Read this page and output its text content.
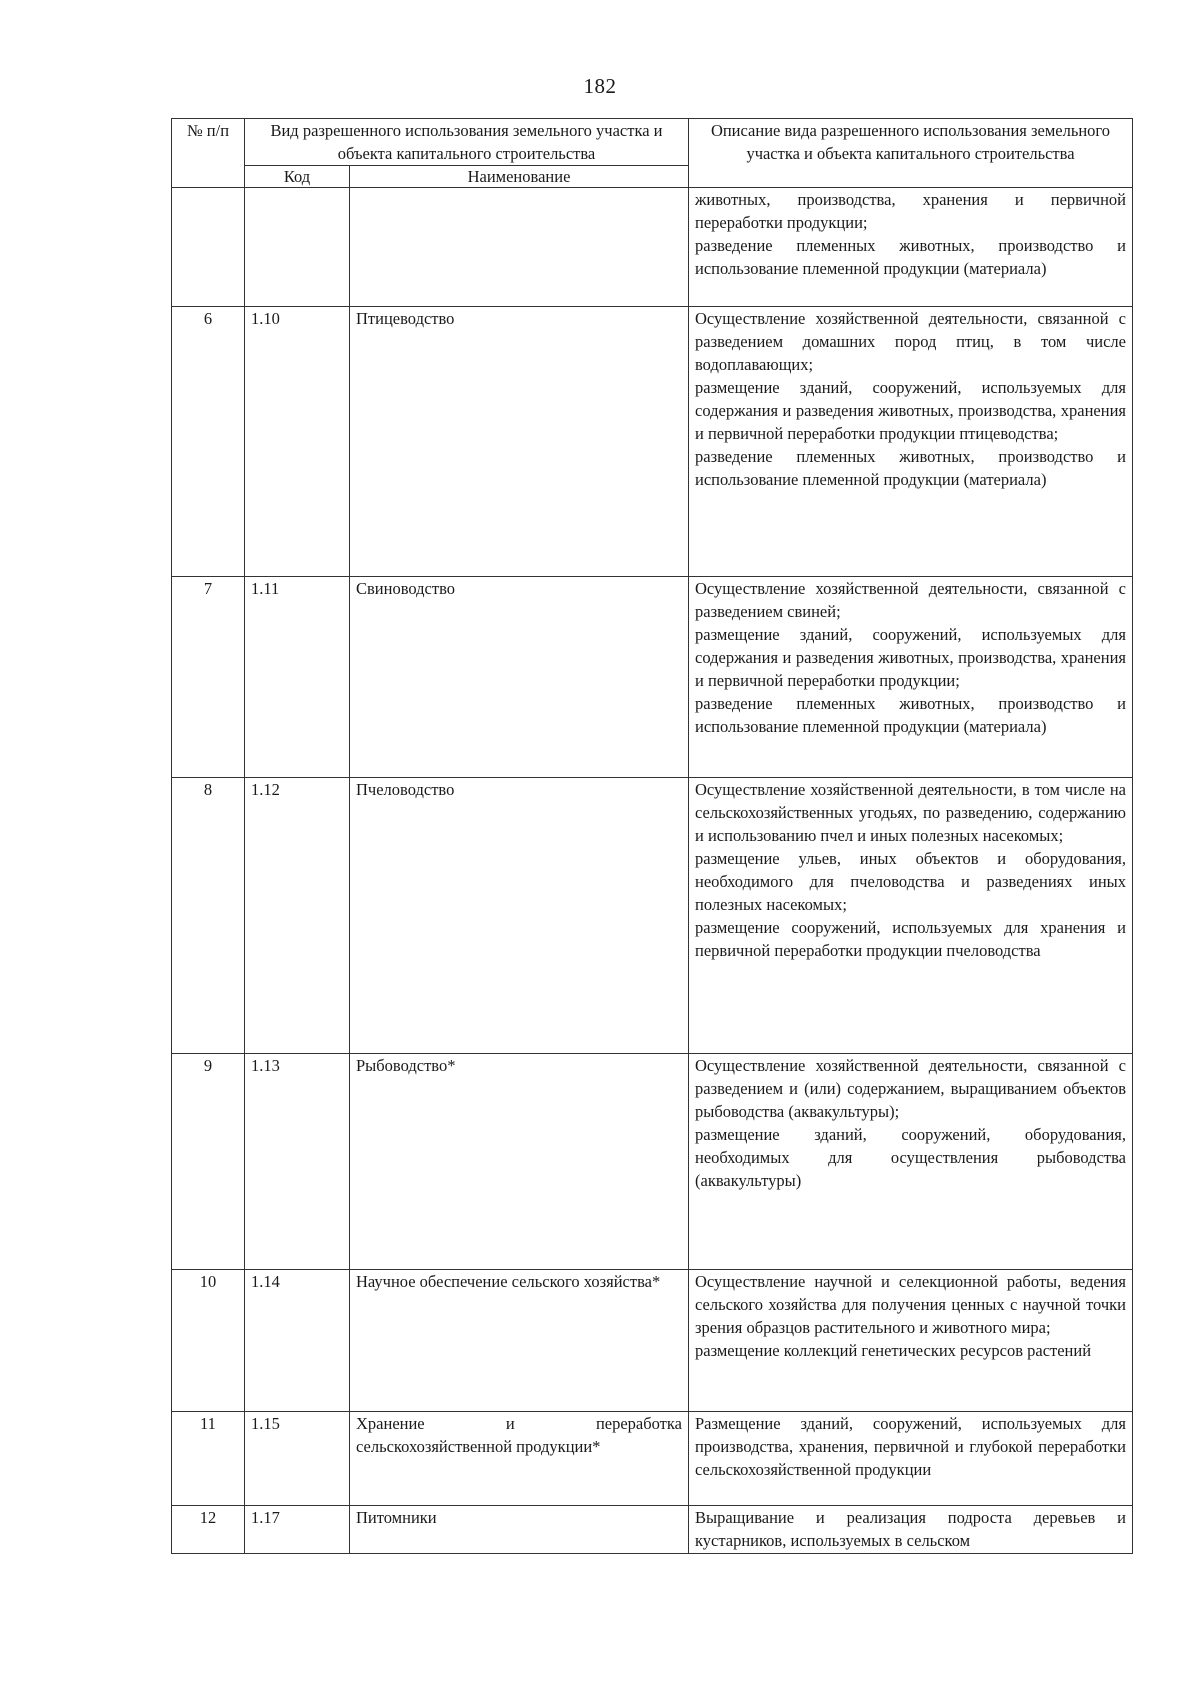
182
№ п/п	Вид разрешенного использования земельного участка и объекта капитального строительства		Описание вида разрешенного использования земельного участка и объекта капитального строительства
	Код	Наименование	

			животных, производства, хранения и первичной переработки продукции;
разведение племенных животных, производство и использование племенной продукции (материала)

6	1.10	Птицеводство	Осуществление хозяйственной деятельности, связанной с разведением домашних пород птиц, в том числе водоплавающих;
размещение зданий, сооружений, используемых для содержания и разведения животных, производства, хранения и первичной переработки продукции птицеводства;
разведение племенных животных, производство и использование племенной продукции (материала)

7	1.11	Свиноводство	Осуществление хозяйственной деятельности, связанной с разведением свиней;
размещение зданий, сооружений, используемых для содержания и разведения животных, производства, хранения и первичной переработки продукции;
разведение племенных животных, производство и использование племенной продукции (материала)

8	1.12	Пчеловодство	Осуществление хозяйственной деятельности, в том числе на сельскохозяйственных угодьях, по разведению, содержанию и использованию пчел и иных полезных насекомых;
размещение ульев, иных объектов и оборудования, необходимого для пчеловодства и разведениях иных полезных насекомых;
размещение сооружений, используемых для хранения и первичной переработки продукции пчеловодства

9	1.13	Рыбоводство*	Осуществление хозяйственной деятельности, связанной с разведением и (или) содержанием, выращиванием объектов рыбоводства (аквакультуры);
размещение зданий, сооружений, оборудования, необходимых для осуществления рыбоводства (аквакультуры)

10	1.14	Научное обеспечение сельского хозяйства*	Осуществление научной и селекционной работы, ведения сельского хозяйства для получения ценных с научной точки зрения образцов растительного и животного мира;
размещение коллекций генетических ресурсов растений

11	1.15	Хранение и переработка сельскохозяйственной продукции*	Размещение зданий, сооружений, используемых для производства, хранения, первичной и глубокой переработки сельскохозяйственной продукции

12	1.17	Питомники	Выращивание и реализация подроста деревьев и кустарников, используемых в сельском
